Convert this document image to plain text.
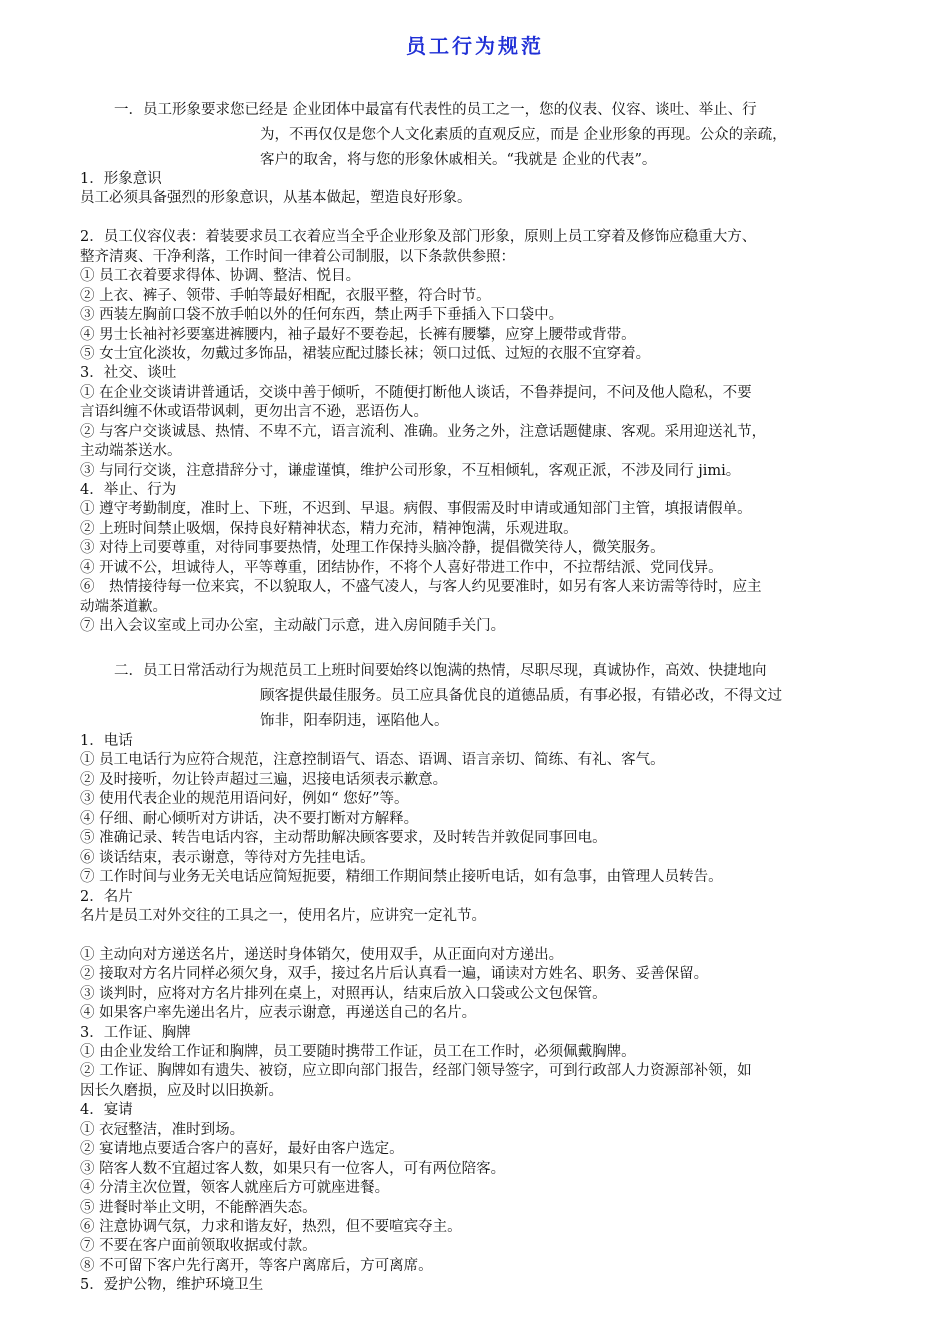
员工行为规范
一．员工形象要求您已经是 企业团体中最富有代表性的员工之一，您的仪表、仪容、谈吐、举止、行
为，不再仅仅是您个人文化素质的直观反应，而是 企业形象的再现。公众的亲疏，
客户的取舍，将与您的形象休戚相关。“我就是 企业的代表”。
1．形象意识
员工必须具备强烈的形象意识，从基本做起，塑造良好形象。
2．员工仪容仪表：着装要求员工衣着应当全乎企业形象及部门形象，原则上员工穿着及修饰应稳重大方、
整齐清爽、干净利落，工作时间一律着公司制服，以下条款供参照：
① 员工衣着要求得体、协调、整洁、悦目。
② 上衣、裤子、领带、手帕等最好相配，衣服平整，符合时节。
③ 西装左胸前口袋不放手帕以外的任何东西，禁止两手下垂插入下口袋中。
④ 男士长袖衬衫要塞进裤腰内，袖子最好不要卷起，长裤有腰攀，应穿上腰带或背带。
⑤ 女士宜化淡妆，勿戴过多饰品，裙装应配过膝长袜；领口过低、过短的衣服不宜穿着。
3．社交、谈吐
① 在企业交谈请讲普通话，交谈中善于倾听，不随便打断他人谈话，不鲁莽提问，不问及他人隐私，不要
言语纠缠不休或语带讽刺，更勿出言不逊，恶语伤人。
② 与客户交谈诚恳、热情、不卑不亢，语言流利、准确。业务之外，注意话题健康、客观。采用迎送礼节，
主动端茶送水。
③ 与同行交谈，注意措辞分寸，谦虚谨慎，维护公司形象，不互相倾轧，客观正派，不涉及同行 jimi。
4．举止、行为
① 遵守考勤制度，准时上、下班，不迟到、早退。病假、事假需及时申请或通知部门主管，填报请假单。
② 上班时间禁止吸烟，保持良好精神状态，精力充沛，精神饱满，乐观进取。
③ 对待上司要尊重，对待同事要热情，处理工作保持头脑冷静，提倡微笑待人，微笑服务。
④ 开诚不公，坦诚待人，平等尊重，团结协作，不将个人喜好带进工作中，不拉帮结派、党同伐异。
⑥　热情接待每一位来宾，不以貌取人，不盛气凌人，与客人约见要准时，如另有客人来访需等待时，应主
动端茶道歉。
⑦ 出入会议室或上司办公室，主动敲门示意，进入房间随手关门。
二．员工日常活动行为规范员工上班时间要始终以饱满的热情，尽职尽现，真诚协作，高效、快捷地向
顾客提供最佳服务。员工应具备优良的道德品质，有事必报，有错必改，不得文过
饰非，阳奉阴违，诬陷他人。
1．电话
① 员工电话行为应符合规范，注意控制语气、语态、语调、语言亲切、简练、有礼、客气。
② 及时接听，勿让铃声超过三遍，迟接电话须表示歉意。
③ 使用代表企业的规范用语问好，例如“ 您好”等。
④ 仔细、耐心倾听对方讲话，决不要打断对方解释。
⑤ 准确记录、转告电话内容，主动帮助解决顾客要求，及时转告并敦促同事回电。
⑥ 谈话结束，表示谢意，等待对方先挂电话。
⑦ 工作时间与业务无关电话应简短扼要，精细工作期间禁止接听电话，如有急事，由管理人员转告。
2．名片
名片是员工对外交往的工具之一，使用名片，应讲究一定礼节。
① 主动向对方递送名片，递送时身体销欠，使用双手，从正面向对方递出。
② 接取对方名片同样必须欠身，双手，接过名片后认真看一遍，诵读对方姓名、职务、妥善保留。
③ 谈判时，应将对方名片排列在桌上，对照再认，结束后放入口袋或公文包保管。
④ 如果客户率先递出名片，应表示谢意，再递送自己的名片。
3．工作证、胸牌
① 由企业发给工作证和胸牌，员工要随时携带工作证，员工在工作时，必须佩戴胸牌。
② 工作证、胸牌如有遗失、被窃，应立即向部门报告，经部门领导签字，可到行政部人力资源部补领，如
因长久磨损，应及时以旧换新。
4．宴请
① 衣冠整洁，准时到场。
② 宴请地点要适合客户的喜好，最好由客户选定。
③ 陪客人数不宜超过客人数，如果只有一位客人，可有两位陪客。
④ 分清主次位置，领客人就座后方可就座进餐。
⑤ 进餐时举止文明，不能醉酒失态。
⑥ 注意协调气氛，力求和谐友好，热烈，但不要喧宾夺主。
⑦ 不要在客户面前领取收据或付款。
⑧ 不可留下客户先行离开，等客户离席后，方可离席。
5．爱护公物，维护环境卫生
